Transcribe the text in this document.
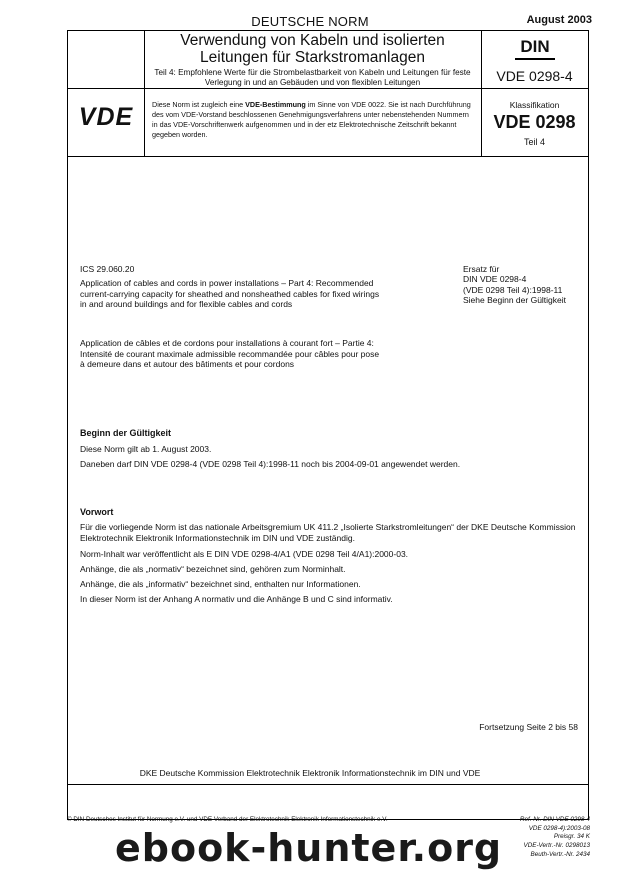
DEUTSCHE NORM	August 2003
Verwendung von Kabeln und isolierten
Leitungen für Starkstromanlagen
Teil 4: Empfohlene Werte für die Strombelastbarkeit von Kabeln und Leitungen für feste Verlegung in und an Gebäuden und von flexiblen Leitungen
DIN
VDE 0298-4
VDE	Diese Norm ist zugleich eine VDE-Bestimmung im Sinne von VDE 0022. Sie ist nach Durchführung des vom VDE-Vorstand beschlossenen Genehmigungsverfahrens unter nebenstehenden Nummern in das VDE-Vorschriftenwerk aufgenommen und in der etz Elektrotechnische Zeitschrift bekannt gegeben worden.
Klassifikation
VDE 0298
Teil 4
ICS 29.060.20
Application of cables and cords in power installations – Part 4: Recommended current-carrying capacity for sheathed and nonsheathed cables for fixed wirings in and around buildings and for flexible cables and cords
Application de câbles et de cordons pour installations à courant fort – Partie 4: Intensité de courant maximale admissible recommandée pour câbles pour pose à demeure dans et autour des bâtiments et pour cordons
Ersatz für
DIN VDE 0298-4
(VDE 0298 Teil 4):1998-11
Siehe Beginn der Gültigkeit
Beginn der Gültigkeit
Diese Norm gilt ab 1. August 2003.
Daneben darf DIN VDE 0298-4 (VDE 0298 Teil 4):1998-11 noch bis 2004-09-01 angewendet werden.
Vorwort
Für die vorliegende Norm ist das nationale Arbeitsgremium UK 411.2 „Isolierte Starkstromleitungen“ der DKE Deutsche Kommission Elektrotechnik Elektronik Informationstechnik im DIN und VDE zuständig.
Norm-Inhalt war veröffentlicht als E DIN VDE 0298-4/A1 (VDE 0298 Teil 4/A1):2000-03.
Anhänge, die als „normativ“ bezeichnet sind, gehören zum Norminhalt.
Anhänge, die als „informativ“ bezeichnet sind, enthalten nur Informationen.
In dieser Norm ist der Anhang A normativ und die Anhänge B und C sind informativ.
Fortsetzung Seite 2 bis 58
DKE Deutsche Kommission Elektrotechnik Elektronik Informationstechnik im DIN und VDE
© DIN Deutsches Institut für Normung e.V. und VDE Verband der Elektrotechnik Elektronik Informationstechnik e.V.	Ref. Nr. DIN VDE 0298-4
VDE 0298-4):2003-08
Preisgr. 34 K
VDE-Vertr.-Nr. 0298013
Beuth-Vertr.-Nr. 2434
ebook-hunter.org
